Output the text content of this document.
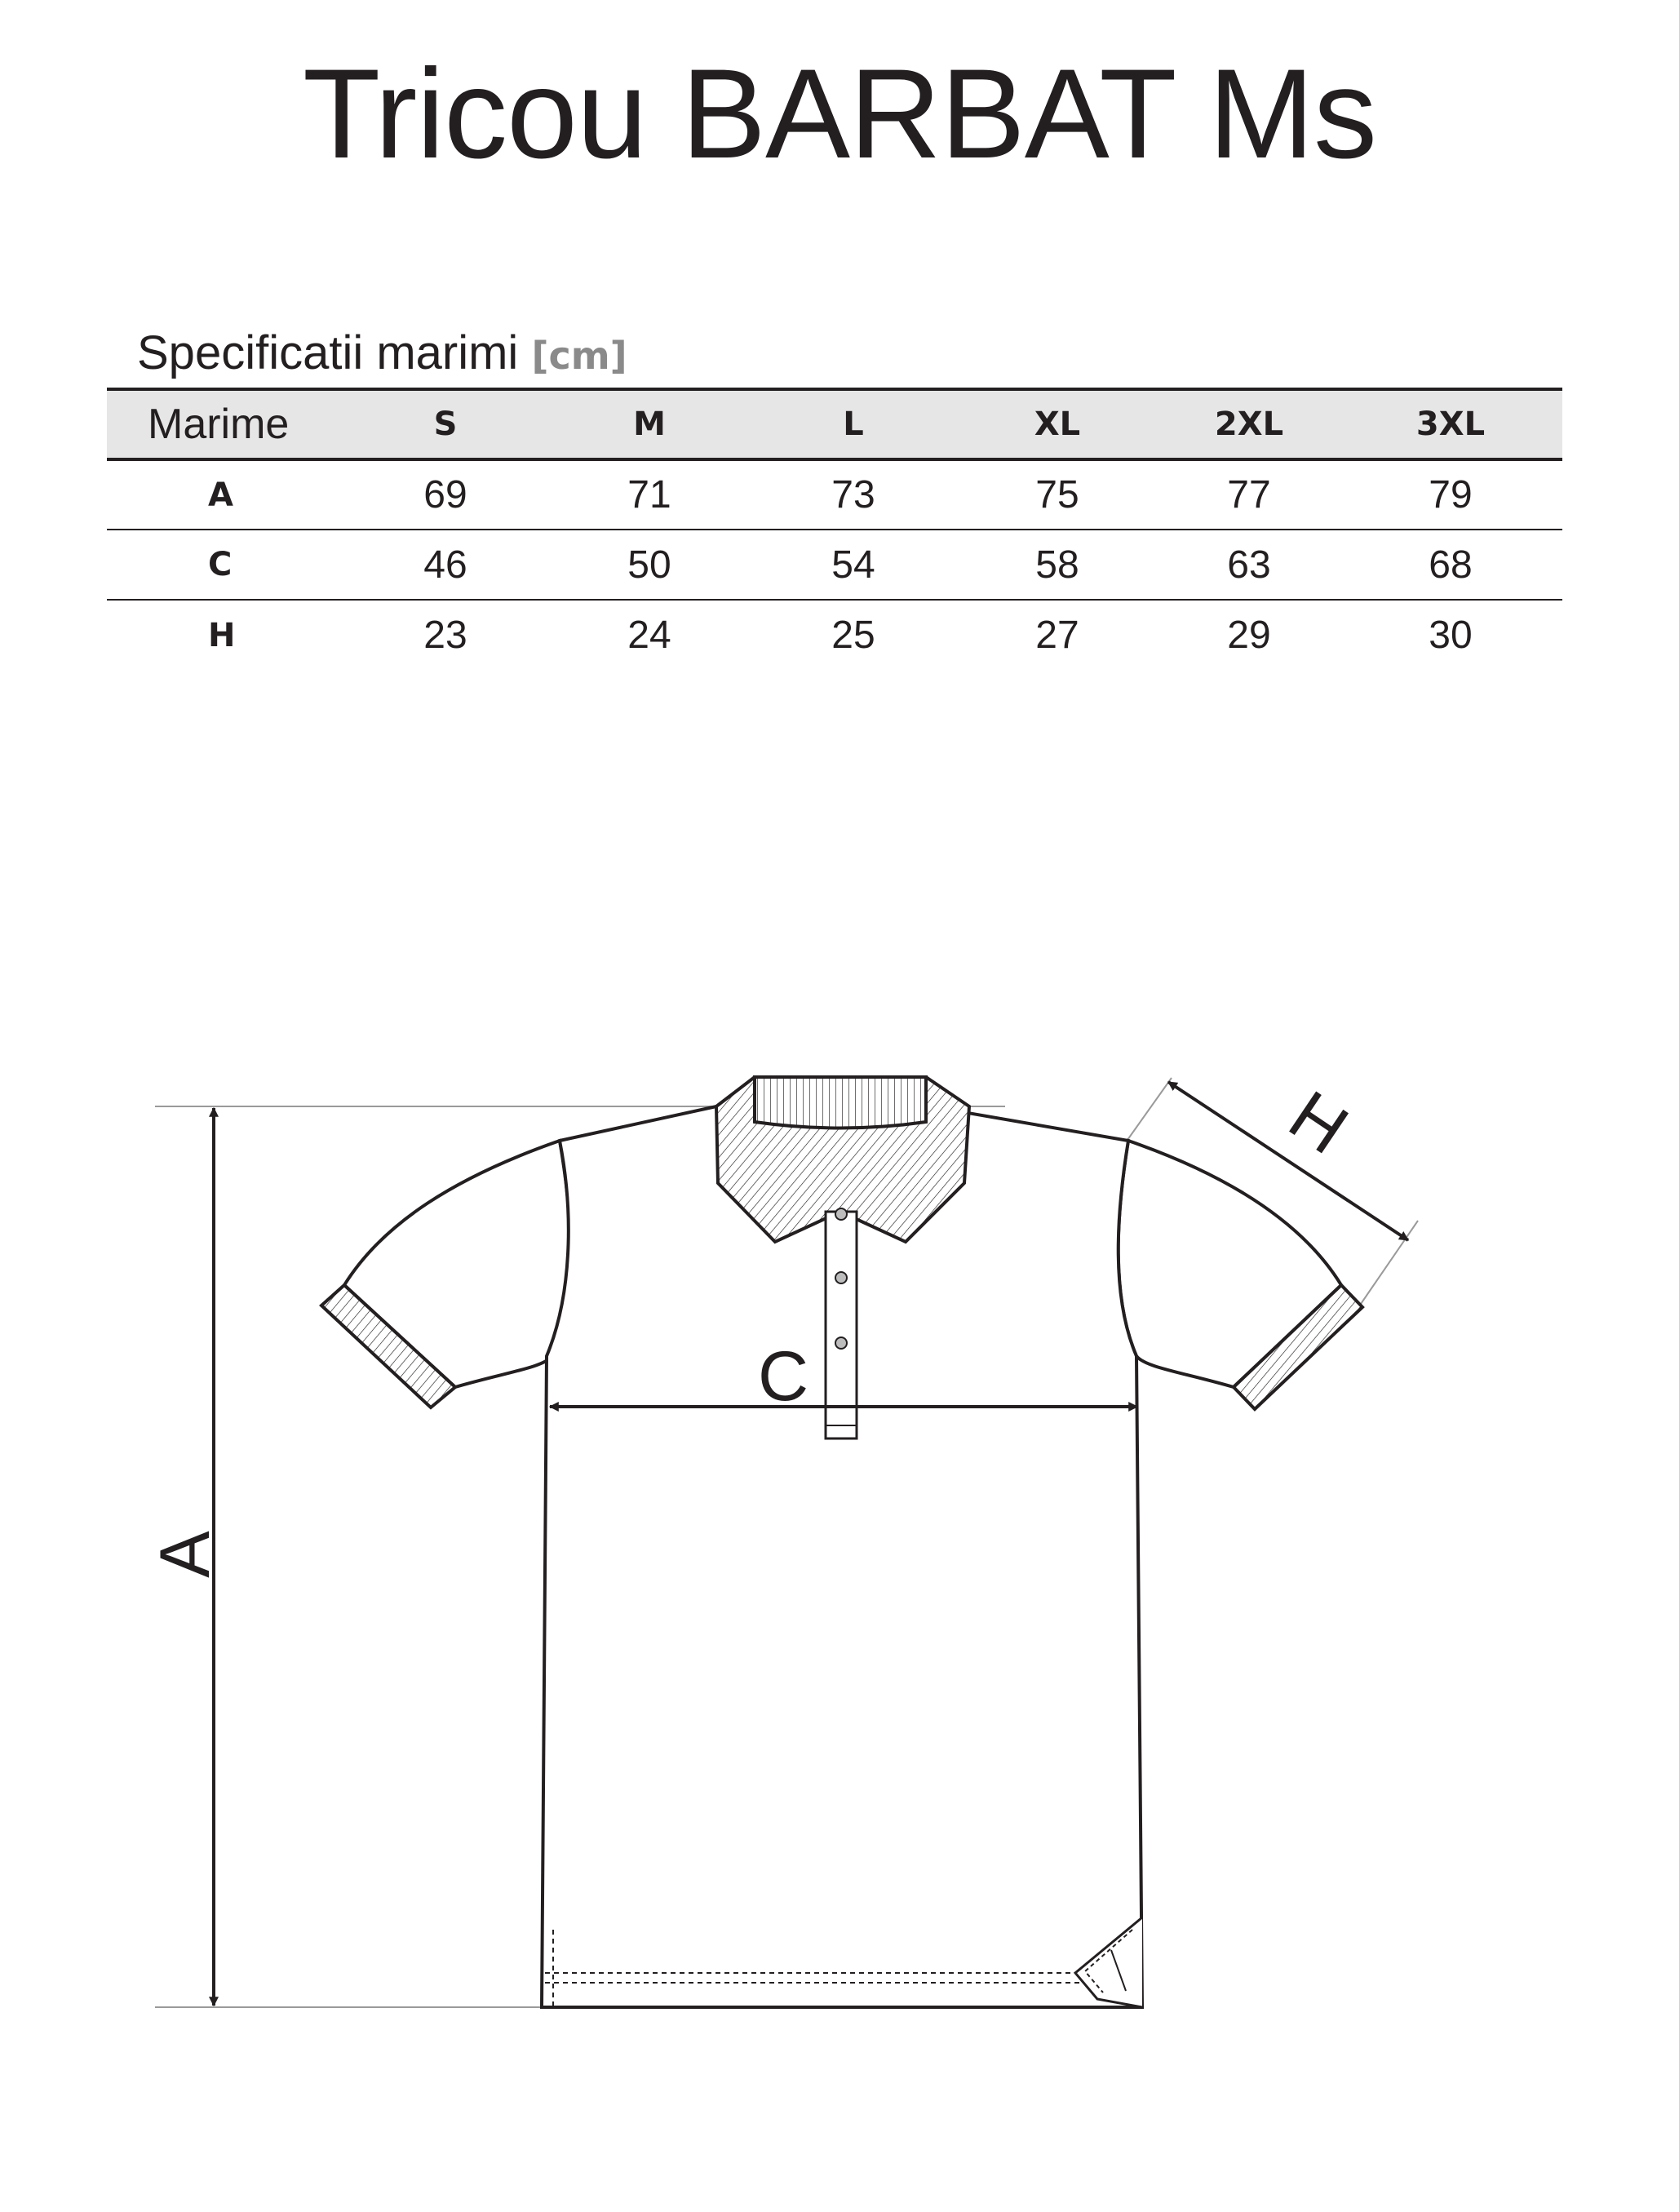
Tricou BARBAT Ms
Specificatii marimi [cm]
Marime	S	M	L	XL	2XL	3XL
A	69	71	73	75	77	79
C	46	50	54	58	63	68
H	23	24	25	27	29	30
A
C
H
